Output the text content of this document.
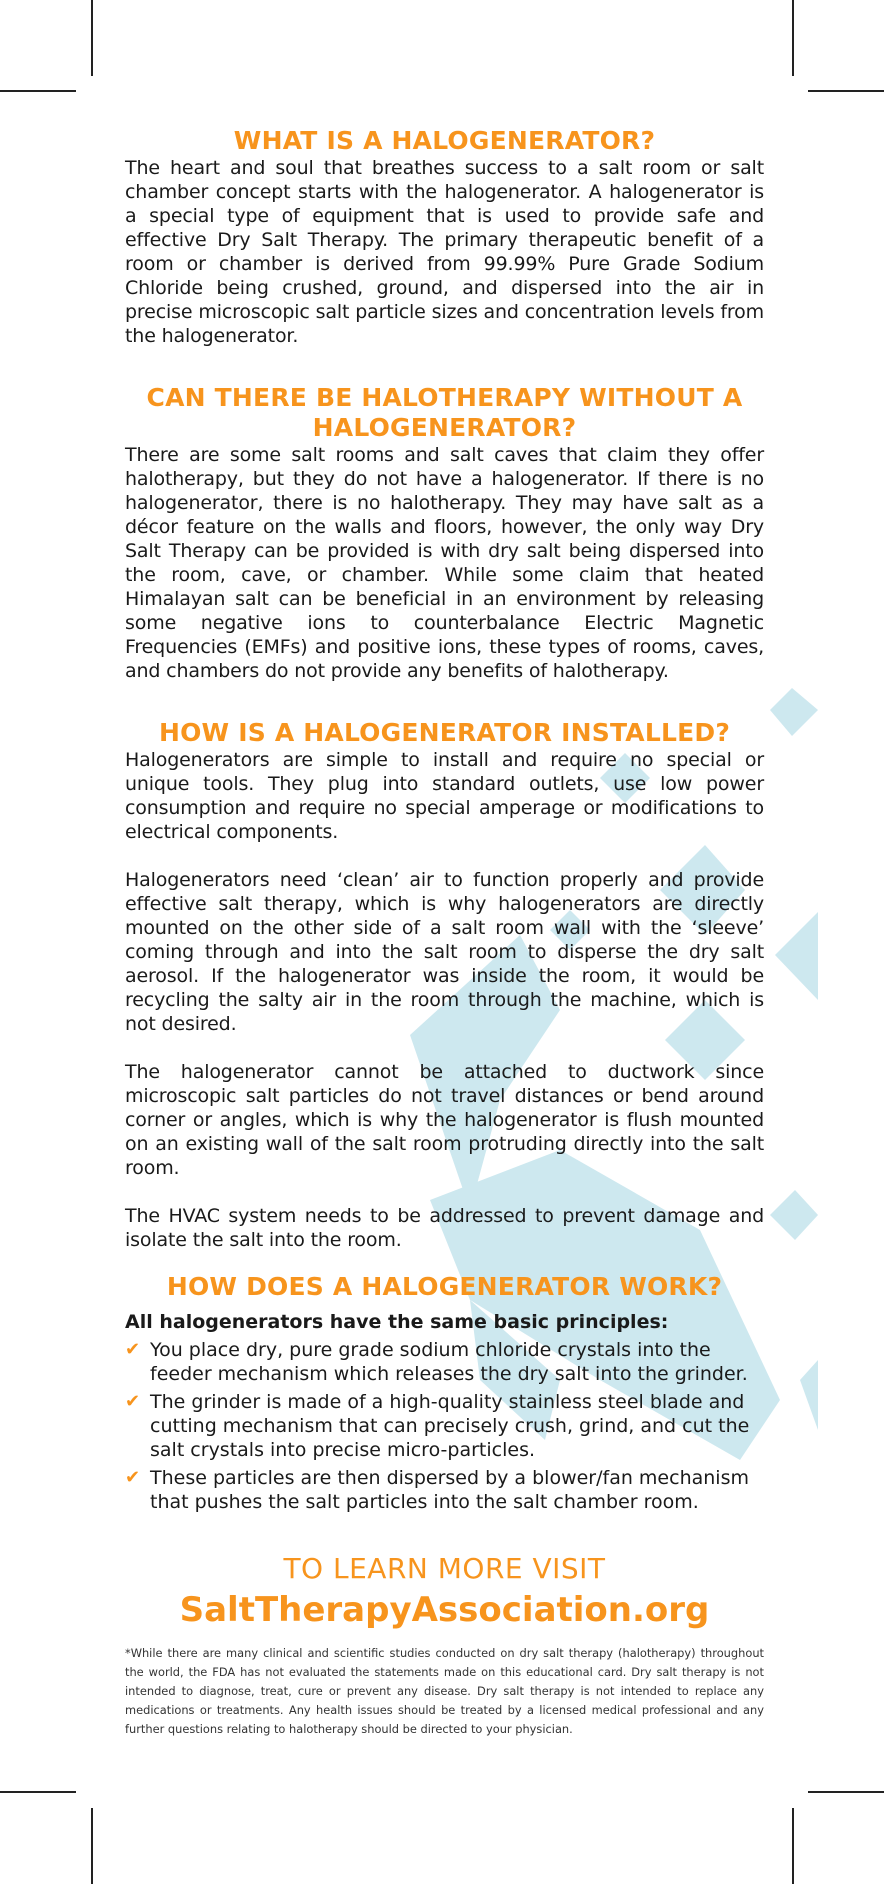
WHAT IS A HALOGENERATOR?

The heart and soul that breathes success to a salt room or salt chamber concept starts with the halogenerator. A halogenerator is a special type of equipment that is used to provide safe and effective Dry Salt Therapy. The primary therapeutic benefit of a room or chamber is derived from 99.99% Pure Grade Sodium Chloride being crushed, ground, and dispersed into the air in precise microscopic salt particle sizes and concentration levels from the halogenerator.

CAN THERE BE HALOTHERAPY WITHOUT A HALOGENERATOR?

There are some salt rooms and salt caves that claim they offer halotherapy, but they do not have a halogenerator. If there is no halogenerator, there is no halotherapy. They may have salt as a décor feature on the walls and floors, however, the only way Dry Salt Therapy can be provided is with dry salt being dispersed into the room, cave, or chamber. While some claim that heated Himalayan salt can be beneficial in an environment by releasing some negative ions to counterbalance Electric Magnetic Frequencies (EMFs) and positive ions, these types of rooms, caves, and chambers do not provide any benefits of halotherapy.

HOW IS A HALOGENERATOR INSTALLED?

Halogenerators are simple to install and require no special or unique tools. They plug into standard outlets, use low power consumption and require no special amperage or modifications to electrical components.

Halogenerators need ‘clean’ air to function properly and provide effective salt therapy, which is why halogenerators are directly mounted on the other side of a salt room wall with the ‘sleeve’ coming through and into the salt room to disperse the dry salt aerosol. If the halogenerator was inside the room, it would be recycling the salty air in the room through the machine, which is not desired.

The halogenerator cannot be attached to ductwork since microscopic salt particles do not travel distances or bend around corner or angles, which is why the halogenerator is flush mounted on an existing wall of the salt room protruding directly into the salt room.

The HVAC system needs to be addressed to prevent damage and isolate the salt into the room.

HOW DOES A HALOGENERATOR WORK?
All halogenerators have the same basic principles:
✔ You place dry, pure grade sodium chloride crystals into the feeder mechanism which releases the dry salt into the grinder.
✔ The grinder is made of a high-quality stainless steel blade and cutting mechanism that can precisely crush, grind, and cut the salt crystals into precise micro-particles.
✔ These particles are then dispersed by a blower/fan mechanism that pushes the salt particles into the salt chamber room.
TO LEARN MORE VISIT
SaltTherapyAssociation.org
*While there are many clinical and scientific studies conducted on dry salt therapy (halotherapy) throughout the world, the FDA has not evaluated the statements made on this educational card. Dry salt therapy is not intended to diagnose, treat, cure or prevent any disease. Dry salt therapy is not intended to replace any medications or treatments. Any health issues should be treated by a licensed medical professional and any further questions relating to halotherapy should be directed to your physician.
